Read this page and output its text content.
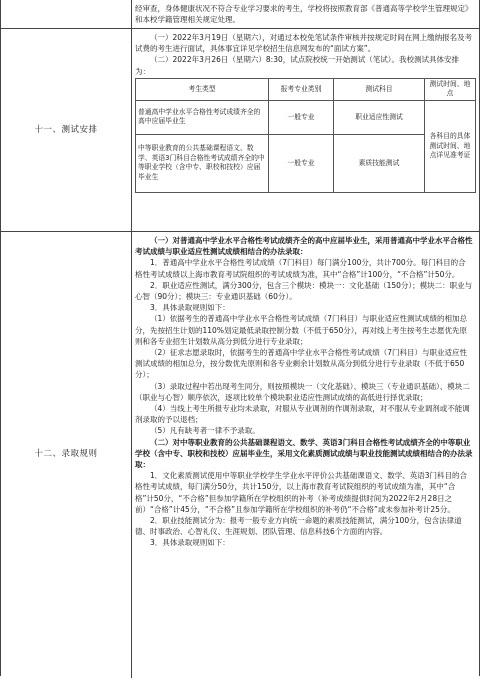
经审查，身体健康状况不符合专业学习要求的考生，学校将按照教育部《普通高等学校学生管理规定》和本校学籍管理相关规定处理。

十一、测试安排

（一）2022年3月19日（星期六），对通过本校免笔试条件审核并按规定时间在网上缴纳报名及考试费的考生进行面试，具体事宜详见学校招生信息网发布的“面试方案”。

（二）2022年3月26日（星期六）8:30，试点院校统一开始测试（笔试）。我校测试具体安排为：

考生类型	报考专业类别	测试科目	测试时间、地点
普通高中学业水平合格性考试成绩齐全的高中应届毕业生	一般专业	职业适应性测试	各科目的具体测试时间、地点详见准考证
中等职业教育的公共基础课程语文、数学、英语3门科目合格性考试成绩齐全的中等职业学校（含中专、职校和技校）应届毕业生	一般专业	素质技能测试	
十二、录取规则

（一）对普通高中学业水平合格性考试成绩齐全的高中应届毕业生，采用普通高中学业水平合格性考试成绩与职业适应性测试成绩相结合的办法录取：

1．普通高中学业水平合格性考试成绩（7门科目）每门满分100分，共计700分。每门科目的合格性考试成绩以上海市教育考试院组织的考试成绩为准，其中“合格”计100分，“不合格”计50分。

2．职业适应性测试，满分300分，包含三个模块：模块一：文化基础（150分）；模块二：职业与心智（90分）；模块三：专业通识基础（60分）。

3．具体录取规则如下：

（1）依据考生的普通高中学业水平合格性考试成绩（7门科目）与职业适应性测试成绩的相加总分，先按招生计划的110%划定最低录取控制分数（不低于650分），再对线上考生按考生志愿优先原则和各专业招生计划数从高分到低分进行专业录取；

（2）征求志愿录取时，依据考生的普通高中学业水平合格性考试成绩（7门科目）与职业适应性测试成绩的相加总分，按分数优先原则和各专业剩余计划数从高分到低分进行专业录取（不低于650分）；

（3）录取过程中若出现考生同分，则按照模块一（文化基础）、模块三（专业通识基础）、模块二（职业与心智）顺序依次，逐项比较单个模块职业适应性测试成绩的高低进行择优录取；

（4）当线上考生所报专业均未录取，对服从专业调剂的作调剂录取，对不服从专业调剂或不能调剂录取的予以退档；

（5）凡有缺考者一律不予录取。

（二）对中等职业教育的公共基础课程语文、数学、英语3门科目合格性考试成绩齐全的中等职业学校（含中专、职校和技校）应届毕业生，采用文化素质测试成绩与职业技能测试成绩相结合的办法录取：

1．文化素质测试使用中等职业学校学生学业水平评价公共基础课语文、数学、英语3门科目的合格性考试成绩，每门满分50分，共计150分，以上海市教育考试院组织的考试成绩为准，其中“合格”计50分，“不合格”但参加学籍所在学校组织的补考（补考成绩提供时间为2022年2月28日之前）“合格”计45分，“不合格”且参加学籍所在学校组织的补考仍“不合格”或未参加补考计25分。

2．职业技能测试分为：报考一般专业方向统一命题的素质技能测试，满分100分，包含法律道德、时事政治、心智礼仪、生涯规划、团队管理、信息科技6个方面的内容。

3．具体录取规则如下：
